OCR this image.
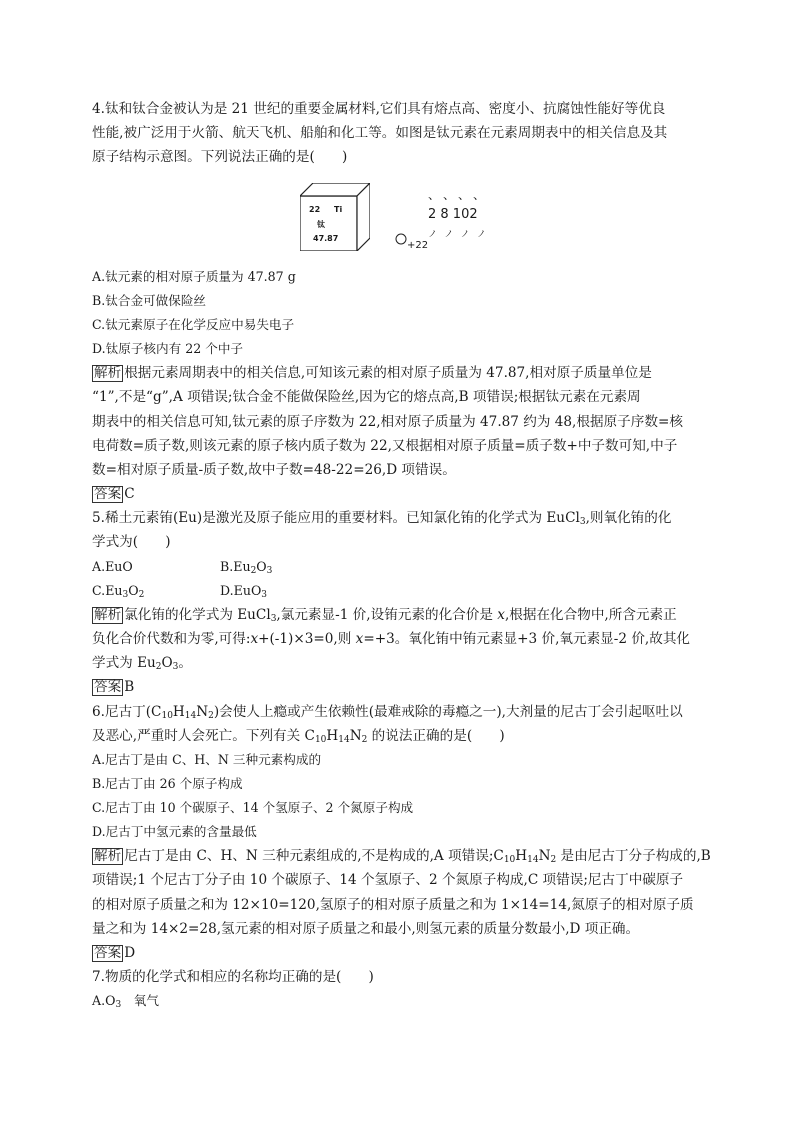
4.钛和钛合金被认为是 21 世纪的重要金属材料,它们具有熔点高、密度小、抗腐蚀性能好等优良
性能,被广泛用于火箭、航天飞机、船舶和化工等。如图是钛元素在元素周期表中的相关信息及其
原子结构示意图。下列说法正确的是(　　)
22 Ti
钛
47.87
、、、、
2 8 102
ノノノノ
+22
A.钛元素的相对原子质量为 47.87 g
B.钛合金可做保险丝
C.钛元素原子在化学反应中易失电子
D.钛原子核内有 22 个中子
解析 根据元素周期表中的相关信息,可知该元素的相对原子质量为 47.87,相对原子质量单位是
“1”,不是“g”,A 项错误;钛合金不能做保险丝,因为它的熔点高,B 项错误;根据钛元素在元素周
期表中的相关信息可知,钛元素的原子序数为 22,相对原子质量为 47.87 约为 48,根据原子序数=核
电荷数=质子数,则该元素的原子核内质子数为 22,又根据相对原子质量=质子数+中子数可知,中子
数=相对原子质量-质子数,故中子数=48-22=26,D 项错误。
答案 C
5.稀土元素铕(Eu)是激光及原子能应用的重要材料。已知氯化铕的化学式为 EuCl$_3$,则氧化铕的化
学式为(　　)
A.EuO	$B.Eu_2O_3$
$C.Eu_3O_2$	D.EuO$_3$
解析 氯化铕的化学式为 EuCl$_3$,氯元素显-1 价,设铕元素的化合价是 x,根据在化合物中,所含元素正
负化合价代数和为零,可得:x+(-1)×3=0,则 x=+3。氧化铕中铕元素显+3 价,氧元素显-2 价,故其化
学式为 $Eu_2O_3$。
答案 B
6.尼古丁$(C_{10}H_{14}N_2)$会使人上瘾或产生依赖性(最难戒除的毒瘾之一),大剂量的尼古丁会引起呕吐以
及恶心,严重时人会死亡。下列有关 $C_{10}H_{14}N_2$ 的说法正确的是(　　)
A.尼古丁是由 C、H、N 三种元素构成的
B.尼古丁由 26 个原子构成
C.尼古丁由 10 个碳原子、14 个氢原子、2 个氮原子构成
D.尼古丁中氢元素的含量最低
解析 尼古丁是由 C、H、N 三种元素组成的,不是构成的,A 项错误$;C_{10}H_{14}N_2$ 是由尼古丁分子构成的,B
项错误;1 个尼古丁分子由 10 个碳原子、14 个氢原子、2 个氮原子构成,C 项错误;尼古丁中碳原子
的相对原子质量之和为 12×10=120,氢原子的相对原子质量之和为 1×14=14,氮原子的相对原子质
量之和为 14×2=28,氢元素的相对原子质量之和最小,则氢元素的质量分数最小,D 项正确。
答案 D
7.物质的化学式和相应的名称均正确的是(　　)
$A.O_3$　氧气
